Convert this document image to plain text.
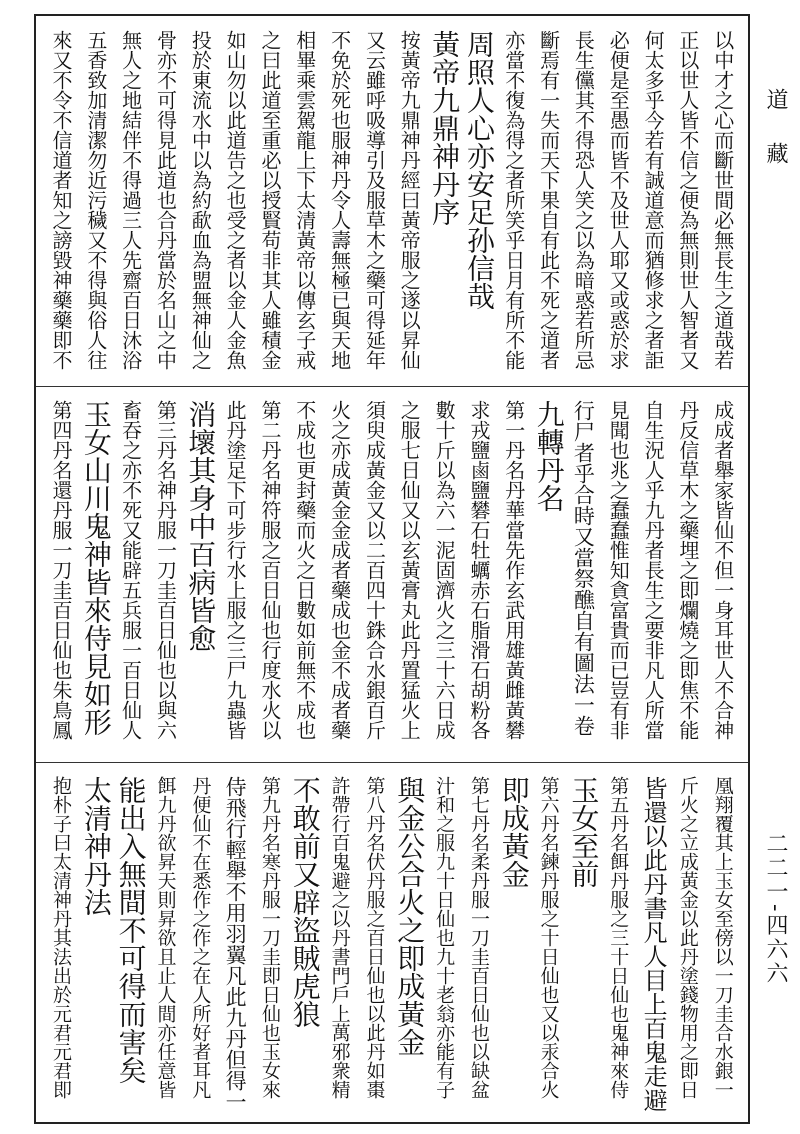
以中才之心而斷世間必無長生之道哉若
正以世人皆不信之便為無則世人智者又
何太多乎今若有誠道意而猶修求之者詎
必便是至愚而皆不及世人耶又或惑於求
長生儻其不得恐人笑之以為暗惑若所忌
斷焉有一失而天下果自有此不死之道者
亦當不復為得之者所笑乎日月有所不能
周照人心亦安足孙信哉
黃帝九鼎神丹序
按黃帝九鼎神丹經曰黃帝服之遂以昇仙
又云雖呼吸導引及服草木之藥可得延年
不免於死也服神丹令人壽無極已與天地
相畢乘雲駕龍上下太清黃帝以傳玄子戒
之曰此道至重必以授賢苟非其人雖積金
如山勿以此道告之也受之者以金人金魚
投於東流水中以為約歃血為盟無神仙之
骨亦不可得見此道也合丹當於名山之中
無人之地結伴不得過三人先齋百日沐浴
五香致加清潔勿近污穢又不得與俗人往
來又不令不信道者知之謗毀神藥藥即不
成成者舉家皆仙不但一身耳世人不合神
丹反信草木之藥埋之即爛燒之即焦不能
自生況人乎九丹者長生之要非凡人所當
見聞也兆之蠢蠢惟知貪富貴而已豈有非
行尸者乎合時又當祭醮自有圖法一卷
九轉丹名
第一丹名丹華當先作玄武用雄黃雌黃礬
求戎鹽鹵鹽礬石牡蠣赤石脂滑石胡粉各
數十斤以為六一泥固濟火之三十六日成
之服七日仙又以玄黃膏丸此丹置猛火上
須臾成黃金又以二百四十銖合水銀百斤
火之亦成黃金金成者藥成也金不成者藥
不成也更封藥而火之日數如前無不成也
第二丹名神符服之百日仙也行度水火以
此丹塗足下可步行水上服之三尸九蟲皆
消壞其身中百病皆愈
第三丹名神丹服一刀圭百日仙也以與六
畜吞之亦不死又能辟五兵服一百日仙人
玉女山川鬼神皆來侍見如形
第四丹名還丹服一刀圭百日仙也朱鳥鳳
凰翔覆其上玉女至傍以一刀圭合水銀一
斤火之立成黃金以此丹塗錢物用之即日
皆還以此丹書凡人目上百鬼走避
第五丹名餌丹服之三十日仙也鬼神來侍
玉女至前
第六丹名鍊丹服之十日仙也又以汞合火
即成黃金
第七丹名柔丹服一刀圭百日仙也以缺盆
汁和之服九十日仙也九十老翁亦能有子
與金公合火之即成黃金
第八丹名伏丹服之百日仙也以此丹如棗
許帶行百鬼避之以丹書門戶上萬邪衆精
不敢前又辟盜賊虎狼
第九丹名寒丹服一刀圭即日仙也玉女來
侍飛行輕舉不用羽翼凡此九丹但得一
丹便仙不在悉作之作之在人所好者耳凡
餌九丹欲昇天則昇欲且止人間亦任意皆
能出入無間不可得而害矣
太清神丹法
抱朴子曰太清神丹其法出於元君元君即
道藏
二二一-四六六
